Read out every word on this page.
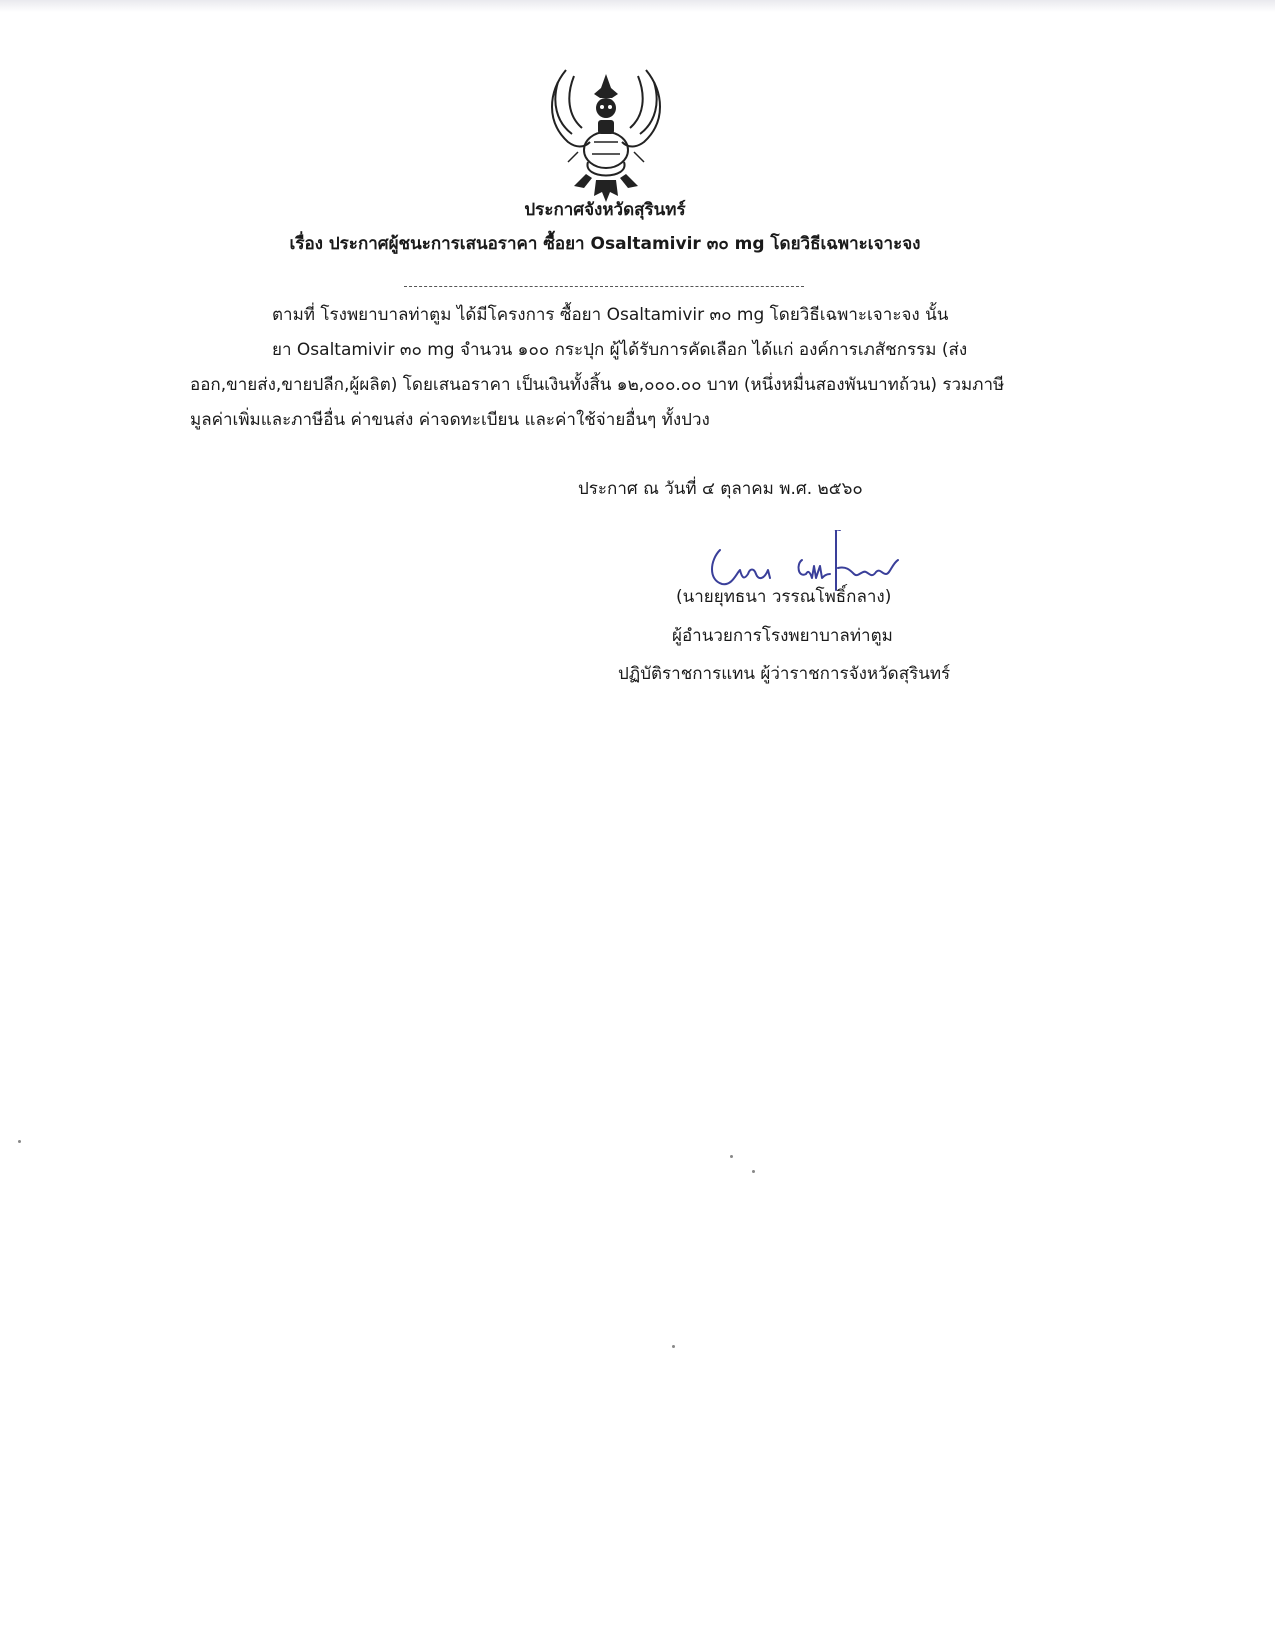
ประกาศจังหวัดสุรินทร์
เรื่อง ประกาศผู้ชนะการเสนอราคา ซื้อยา Osaltamivir ๓๐ mg โดยวิธีเฉพาะเจาะจง
ตามที่ โรงพยาบาลท่าตูม ได้มีโครงการ ซื้อยา Osaltamivir ๓๐ mg โดยวิธีเฉพาะเจาะจง นั้น
ยา Osaltamivir ๓๐ mg จำนวน ๑๐๐ กระปุก ผู้ได้รับการคัดเลือก ได้แก่ องค์การเภสัชกรรม (ส่ง
ออก,ขายส่ง,ขายปลีก,ผู้ผลิต) โดยเสนอราคา เป็นเงินทั้งสิ้น ๑๒,๐๐๐.๐๐ บาท (หนึ่งหมื่นสองพันบาทถ้วน) รวมภาษี
มูลค่าเพิ่มและภาษีอื่น ค่าขนส่ง ค่าจดทะเบียน และค่าใช้จ่ายอื่นๆ ทั้งปวง
ประกาศ ณ วันที่ ๔ ตุลาคม พ.ศ. ๒๕๖๐
(นายยุทธนา วรรณโพธิ์กลาง)
ผู้อำนวยการโรงพยาบาลท่าตูม
ปฏิบัติราชการแทน ผู้ว่าราชการจังหวัดสุรินทร์
